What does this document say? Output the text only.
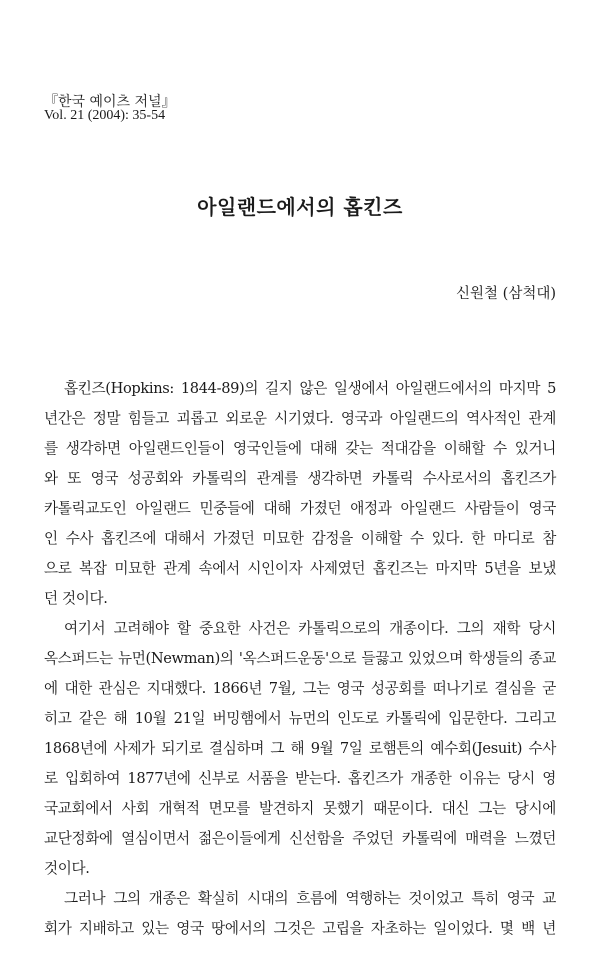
『한국 예이츠 저널』
Vol. 21 (2004): 35-54
아일랜드에서의 홉킨즈
신원철 (삼척대)
홉킨즈(Hopkins: 1844-89)의 길지 않은 일생에서 아일랜드에서의 마지막 5
년간은 정말 힘들고 괴롭고 외로운 시기였다. 영국과 아일랜드의 역사적인 관계
를 생각하면 아일랜드인들이 영국인들에 대해 갖는 적대감을 이해할 수 있거니
와 또 영국 성공회와 카톨릭의 관계를 생각하면 카톨릭 수사로서의 홉킨즈가
카톨릭교도인 아일랜드 민중들에 대해 가졌던 애정과 아일랜드 사람들이 영국
인 수사 홉킨즈에 대해서 가졌던 미묘한 감정을 이해할 수 있다. 한 마디로 참
으로 복잡 미묘한 관계 속에서 시인이자 사제였던 홉킨즈는 마지막 5년을 보냈
던 것이다.
여기서 고려해야 할 중요한 사건은 카톨릭으로의 개종이다. 그의 재학 당시
옥스퍼드는 뉴먼(Newman)의 '옥스퍼드운동'으로 들끓고 있었으며 학생들의 종교
에 대한 관심은 지대했다. 1866년 7월, 그는 영국 성공회를 떠나기로 결심을 굳
히고 같은 해 10월 21일 버밍햄에서 뉴먼의 인도로 카톨릭에 입문한다. 그리고
1868년에 사제가 되기로 결심하며 그 해 9월 7일 로햄튼의 예수회(Jesuit) 수사
로 입회하여 1877년에 신부로 서품을 받는다. 홉킨즈가 개종한 이유는 당시 영
국교회에서 사회 개혁적 면모를 발견하지 못했기 때문이다. 대신 그는 당시에
교단정화에 열심이면서 젊은이들에게 신선함을 주었던 카톨릭에 매력을 느꼈던
것이다.
그러나 그의 개종은 확실히 시대의 흐름에 역행하는 것이었고 특히 영국 교
회가 지배하고 있는 영국 땅에서의 그것은 고립을 자초하는 일이었다. 몇 백 년
